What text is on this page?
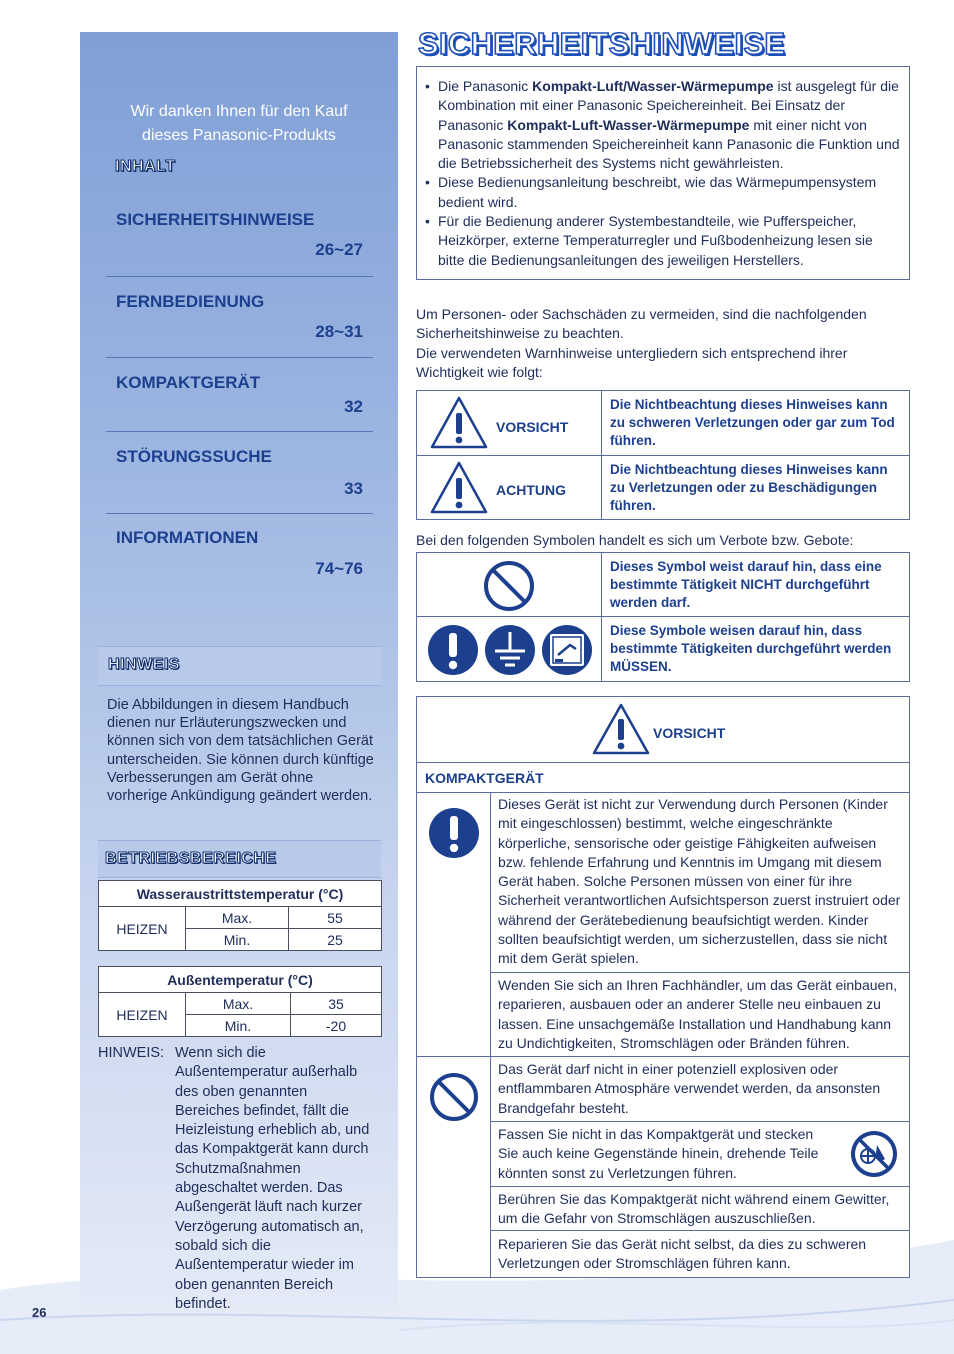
Wir danken Ihnen für den Kauf
dieses Panasonic-Produkts
INHALT
SICHERHEITSHINWEISE
26~27
FERNBEDIENUNG
28~31
KOMPAKTGERÄT
32
STÖRUNGSSUCHE
33
INFORMATIONEN
74~76
HINWEIS
Die Abbildungen in diesem Handbuch dienen nur Erläuterungszwecken und können sich von dem tatsächlichen Gerät unterscheiden. Sie können durch künftige Verbesserungen am Gerät ohne vorherige Ankündigung geändert werden.
BETRIEBSBEREICHE
Wasseraustrittstemperatur (°C)		
HEIZEN	Max.	55
	Min.	25
Außentemperatur (°C)		
HEIZEN	Max.	35
	Min.	-20
HINWEIS: Wenn sich die Außentemperatur außerhalb des oben genannten Bereiches befindet, fällt die Heizleistung erheblich ab, und das Kompaktgerät kann durch Schutzmaßnahmen abgeschaltet werden. Das Außengerät läuft nach kurzer Verzögerung automatisch an, sobald sich die Außentemperatur wieder im oben genannten Bereich befindet.
26
SICHERHEITSHINWEISE
• Die Panasonic Kompakt-Luft/Wasser-Wärmepumpe ist ausgelegt für die Kombination mit einer Panasonic Speichereinheit. Bei Einsatz der Panasonic Kompakt-Luft-Wasser-Wärmepumpe mit einer nicht von Panasonic stammenden Speichereinheit kann Panasonic die Funktion und die Betriebssicherheit des Systems nicht gewährleisten.
• Diese Bedienungsanleitung beschreibt, wie das Wärmepumpensystem bedient wird.
• Für die Bedienung anderer Systembestandteile, wie Pufferspeicher, Heizkörper, externe Temperaturregler und Fußbodenheizung lesen sie bitte die Bedienungsanleitungen des jeweiligen Herstellers.
Um Personen- oder Sachschäden zu vermeiden, sind die nachfolgenden Sicherheitshinweise zu beachten.
Die verwendeten Warnhinweise untergliedern sich entsprechend ihrer Wichtigkeit wie folgt:
VORSICHT	Die Nichtbeachtung dieses Hinweises kann zu schweren Verletzungen oder gar zum Tod führen.

ACHTUNG	Die Nichtbeachtung dieses Hinweises kann zu Verletzungen oder zu Beschädigungen führen.
Bei den folgenden Symbolen handelt es sich um Verbote bzw. Gebote:
	Dieses Symbol weist darauf hin, dass eine bestimmte Tätigkeit NICHT durchgeführt werden darf.

	Diese Symbole weisen darauf hin, dass bestimmte Tätigkeiten durchgeführt werden MÜSSEN.
VORSICHT
KOMPAKTGERÄT
Dieses Gerät ist nicht zur Verwendung durch Personen (Kinder mit eingeschlossen) bestimmt, welche eingeschränkte körperliche, sensorische oder geistige Fähigkeiten aufweisen bzw. fehlende Erfahrung und Kenntnis im Umgang mit diesem Gerät haben. Solche Personen müssen von einer für ihre Sicherheit verantwortlichen Aufsichtsperson zuerst instruiert oder während der Gerätebedienung beaufsichtigt werden. Kinder sollten beaufsichtigt werden, um sicherzustellen, dass sie nicht mit dem Gerät spielen.
Wenden Sie sich an Ihren Fachhändler, um das Gerät einbauen, reparieren, ausbauen oder an anderer Stelle neu einbauen zu lassen. Eine unsachgemäße Installation und Handhabung kann zu Undichtigkeiten, Stromschlägen oder Bränden führen.
Das Gerät darf nicht in einer potenziell explosiven oder entflammbaren Atmosphäre verwendet werden, da ansonsten Brandgefahr besteht.
Fassen Sie nicht in das Kompaktgerät und stecken Sie auch keine Gegenstände hinein, drehende Teile könnten sonst zu Verletzungen führen.
Berühren Sie das Kompaktgerät nicht während einem Gewitter, um die Gefahr von Stromschlägen auszuschließen.
Reparieren Sie das Gerät nicht selbst, da dies zu schweren Verletzungen oder Stromschlägen führen kann.
